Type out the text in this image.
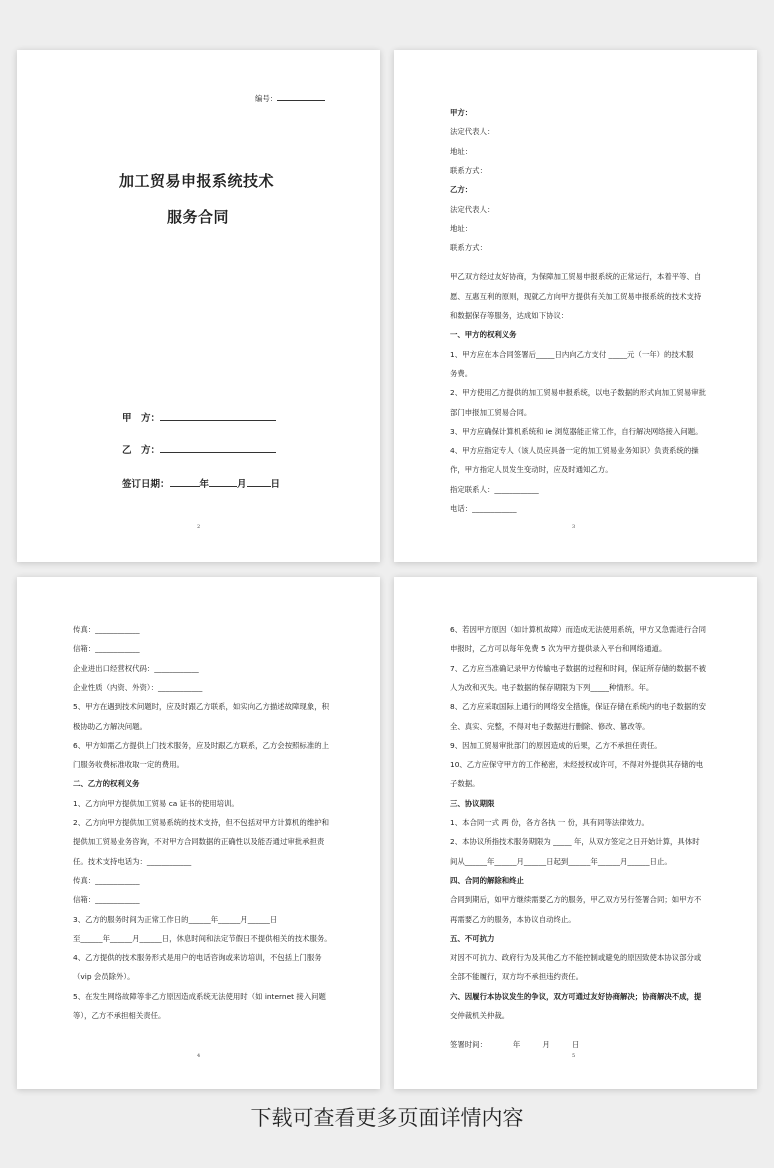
编号：
加工贸易申报系统技术
服务合同
甲　方：
乙　方：
签订日期：	年	月	日
2
甲方：
法定代表人：
地址：
联系方式：
乙方：
法定代表人：
地址：
联系方式：
甲乙双方经过友好协商，为保障加工贸易申报系统的正常运行，本着平等、自
愿、互惠互利的原则，现就乙方向甲方提供有关加工贸易申报系统的技术支持
和数据保存等服务，达成如下协议：
一、甲方的权利义务
1、甲方应在本合同签署后_____日内向乙方支付 _____元（一年）的技术服
务费。
2、甲方使用乙方提供的加工贸易申报系统，以电子数据的形式向加工贸易审批
部门申报加工贸易合同。
3、甲方应确保计算机系统和 ie 浏览器能正常工作，自行解决网络接入问题。
4、甲方应指定专人（该人员应具备一定的加工贸易业务知识）负责系统的操
作，甲方指定人员发生变动时，应及时通知乙方。
指定联系人：____________
电话：____________
3
传真：____________
信箱：____________
企业进出口经营权代码：____________
企业性质（内资、外资）：____________
5、甲方在遇到技术问题时，应及时跟乙方联系，如实向乙方描述故障现象，积
极协助乙方解决问题。
6、甲方如需乙方提供上门技术服务，应及时跟乙方联系，乙方会按照标准的上
门服务收费标准收取一定的费用。
二、乙方的权利义务
1、乙方向甲方提供加工贸易 ca 证书的使用培训。
2、乙方向甲方提供加工贸易系统的技术支持，但不包括对甲方计算机的维护和
提供加工贸易业务咨询，不对甲方合同数据的正确性以及能否通过审批承担责
任。技术支持电话为：____________
传真：____________
信箱：____________
3、乙方的服务时间为正常工作日的______年______月______日
至______年______月______日，休息时间和法定节假日不提供相关的技术服务。
4、乙方提供的技术服务形式是用户的电话咨询或来访培训，不包括上门服务
（vip 会员除外）。
5、在发生网络故障等非乙方原因造成系统无法使用时（如 internet 接入问题
等），乙方不承担相关责任。
4
6、若因甲方原因（如计算机故障）而造成无法使用系统，甲方又急需进行合同
申报时，乙方可以每年免费 5 次为甲方提供录入平台和网络通道。
7、乙方应当准确记录甲方传输电子数据的过程和时间，保证所存储的数据不被
人为改和灭失。电子数据的保存期限为下列_____种情形。年。
8、乙方应采取国际上通行的网络安全措施，保证存储在系统内的电子数据的安
全、真实、完整，不得对电子数据进行删除、修改、篡改等。
9、因加工贸易审批部门的原因造成的后果，乙方不承担任责任。
10、乙方应保守甲方的工作秘密，未经授权或许可，不得对外提供其存储的电
子数据。
三、协议期限
1、本合同一式 两 份，各方各执 一 份，具有同等法律效力。
2、本协议所指技术服务期限为 _____ 年，从双方签定之日开始计算，具体时
间从______年______月______日起到______年______月______日止。
四、合同的解除和终止
合同到期后，如甲方继续需要乙方的服务，甲乙双方另行签署合同；如甲方不
再需要乙方的服务，本协议自动终止。
五、不可抗力
对因不可抗力、政府行为及其他乙方不能控制或避免的原因致使本协议部分或
全部不能履行，双方均不承担违约责任。
六、因履行本协议发生的争议，双方可通过友好协商解决；协商解决不成，提
交仲裁机关仲裁。
签署时间：　　　　年　　　月　　　日
5
下载可查看更多页面详情内容
